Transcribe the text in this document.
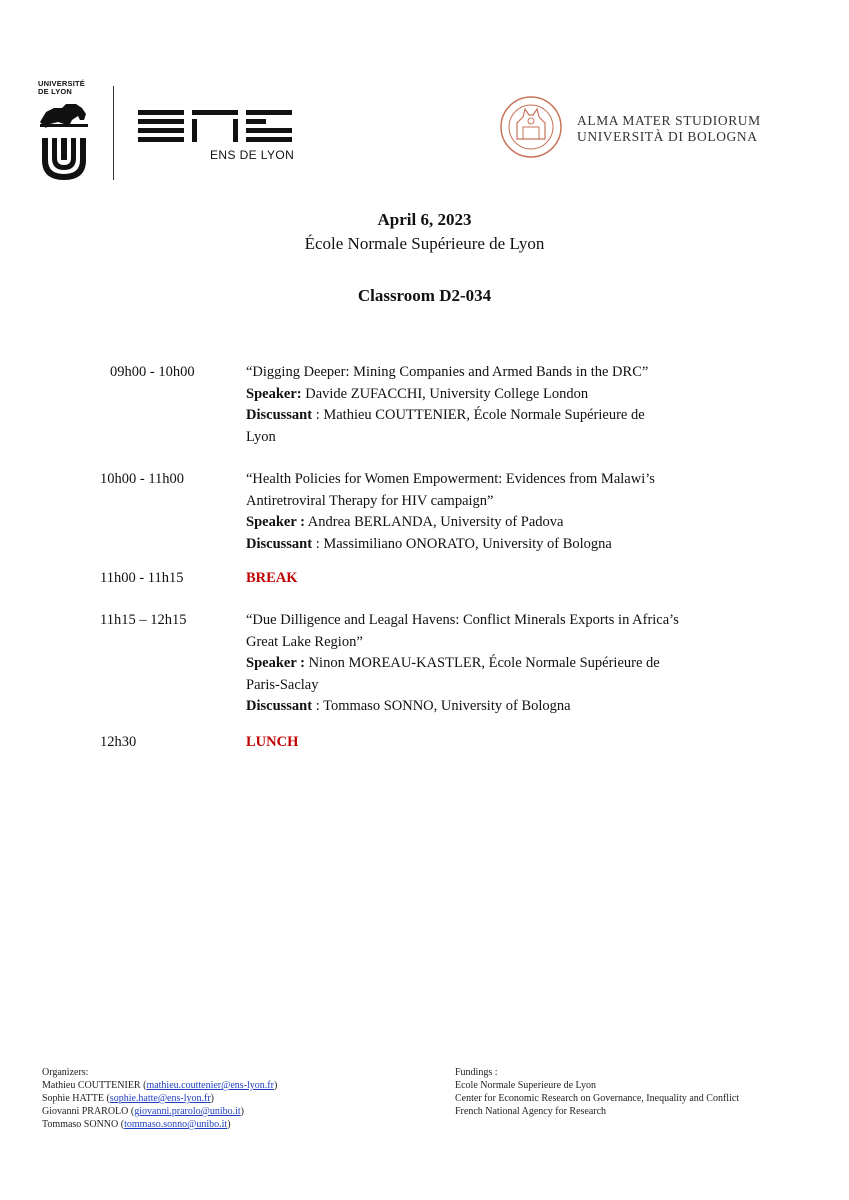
UNIVERSITÉ
DE LYON
ENS DE LYON
ALMA MATER STUDIORUM
UNIVERSITÀ DI BOLOGNA
April 6, 2023
École Normale Supérieure de Lyon
Classroom D2-034
09h00 - 10h00	“Digging Deeper: Mining Companies and Armed Bands in the DRC”
Speaker: Davide ZUFACCHI, University College London
Discussant : Mathieu COUTTENIER, École Normale Supérieure de
Lyon
10h00 - 11h00	“Health Policies for Women Empowerment: Evidences from Malawi’s
Antiretroviral Therapy for HIV campaign”
Speaker : Andrea BERLANDA, University of Padova
Discussant : Massimiliano ONORATO, University of Bologna
11h00 - 11h15	BREAK
11h15 – 12h15	“Due Dilligence and Leagal Havens: Conflict Minerals Exports in Africa’s
Great Lake Region”
Speaker : Ninon MOREAU-KASTLER, École Normale Supérieure de
Paris-Saclay
Discussant : Tommaso SONNO, University of Bologna
12h30	LUNCH
Organizers:
Mathieu COUTTENIER (mathieu.couttenier@ens-lyon.fr)
Sophie HATTE (sophie.hatte@ens-lyon.fr)
Giovanni PRAROLO (giovanni.prarolo@unibo.it)
Tommaso SONNO (tommaso.sonno@unibo.it)
Fundings :
Ecole Normale Superieure de Lyon
Center for Economic Research on Governance, Inequality and Conflict
French National Agency for Research
